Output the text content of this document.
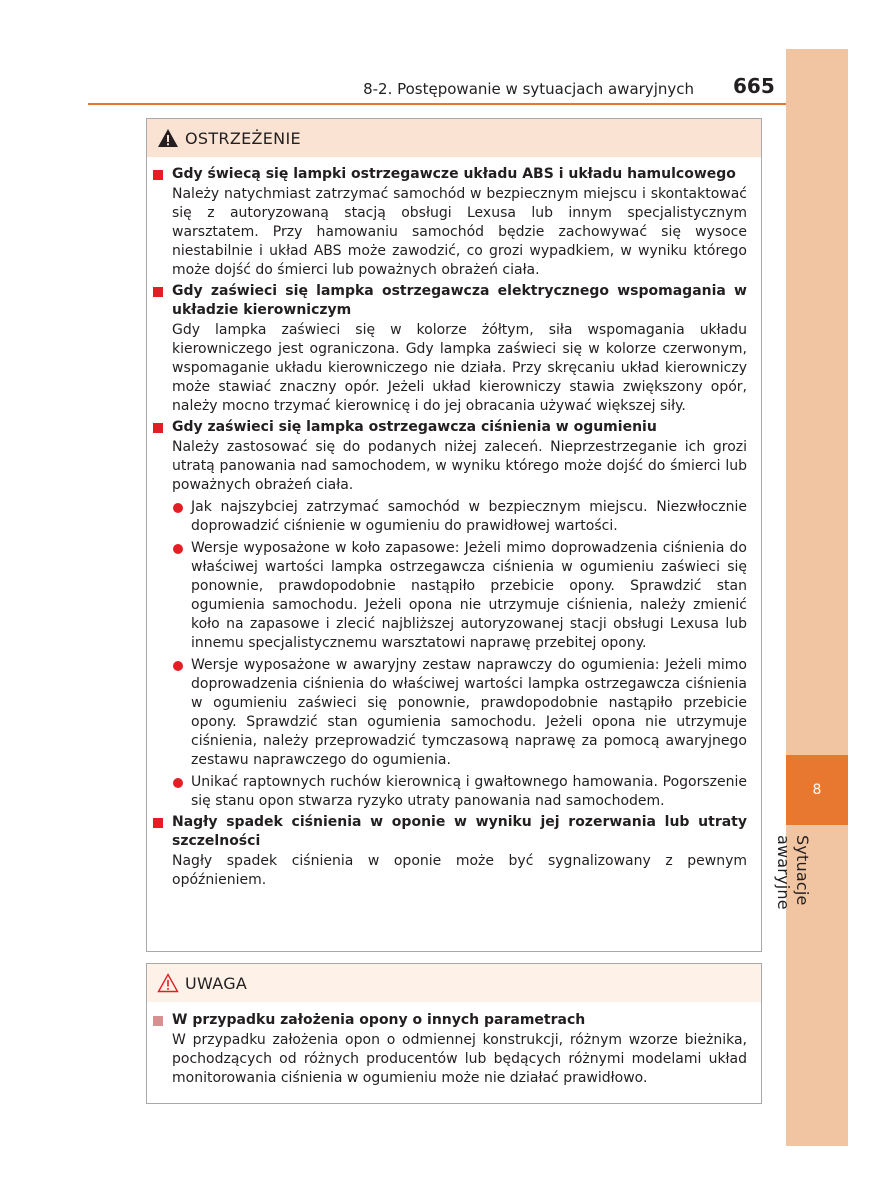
8
Sytuacje awaryjne
8-2. Postępowanie w sytuacjach awaryjnych 665
OSTRZEŻENIE
Gdy świecą się lampki ostrzegawcze układu ABS i układu hamulcowego
Należy natychmiast zatrzymać samochód w bezpiecznym miejscu i skontaktować się z autoryzowaną stacją obsługi Lexusa lub innym specjalistycznym warsztatem. Przy hamowaniu samochód będzie zachowywać się wysoce niestabilnie i układ ABS może zawodzić, co grozi wypadkiem, w wyniku którego może dojść do śmierci lub poważnych obrażeń ciała.
Gdy zaświeci się lampka ostrzegawcza elektrycznego wspomagania w układzie kierowniczym
Gdy lampka zaświeci się w kolorze żółtym, siła wspomagania układu kierowniczego jest ograniczona. Gdy lampka zaświeci się w kolorze czerwonym, wspomaganie układu kierowniczego nie działa. Przy skręcaniu układ kierowniczy może stawiać znaczny opór. Jeżeli układ kierowniczy stawia zwiększony opór, należy mocno trzymać kierownicę i do jej obracania używać większej siły.
Gdy zaświeci się lampka ostrzegawcza ciśnienia w ogumieniu
Należy zastosować się do podanych niżej zaleceń. Nieprzestrzeganie ich grozi utratą panowania nad samochodem, w wyniku którego może dojść do śmierci lub poważnych obrażeń ciała.
Jak najszybciej zatrzymać samochód w bezpiecznym miejscu. Niezwłocznie doprowadzić ciśnienie w ogumieniu do prawidłowej wartości.
Wersje wyposażone w koło zapasowe: Jeżeli mimo doprowadzenia ciśnienia do właściwej wartości lampka ostrzegawcza ciśnienia w ogumieniu zaświeci się ponownie, prawdopodobnie nastąpiło przebicie opony. Sprawdzić stan ogumienia samochodu. Jeżeli opona nie utrzymuje ciśnienia, należy zmienić koło na zapasowe i zlecić najbliższej autoryzowanej stacji obsługi Lexusa lub innemu specjalistycznemu warsztatowi naprawę przebitej opony.
Wersje wyposażone w awaryjny zestaw naprawczy do ogumienia: Jeżeli mimo doprowadzenia ciśnienia do właściwej wartości lampka ostrzegawcza ciśnienia w ogumieniu zaświeci się ponownie, prawdopodobnie nastąpiło przebicie opony. Sprawdzić stan ogumienia samochodu. Jeżeli opona nie utrzymuje ciśnienia, należy przeprowadzić tymczasową naprawę za pomocą awaryjnego zestawu naprawczego do ogumienia.
Unikać raptownych ruchów kierownicą i gwałtownego hamowania. Pogorszenie się stanu opon stwarza ryzyko utraty panowania nad samochodem.
Nagły spadek ciśnienia w oponie w wyniku jej rozerwania lub utraty szczelności
Nagły spadek ciśnienia w oponie może być sygnalizowany z pewnym opóźnieniem.
UWAGA
W przypadku założenia opony o innych parametrach
W przypadku założenia opon o odmiennej konstrukcji, różnym wzorze bieżnika, pochodzących od różnych producentów lub będących różnymi modelami układ monitorowania ciśnienia w ogumieniu może nie działać prawidłowo.
